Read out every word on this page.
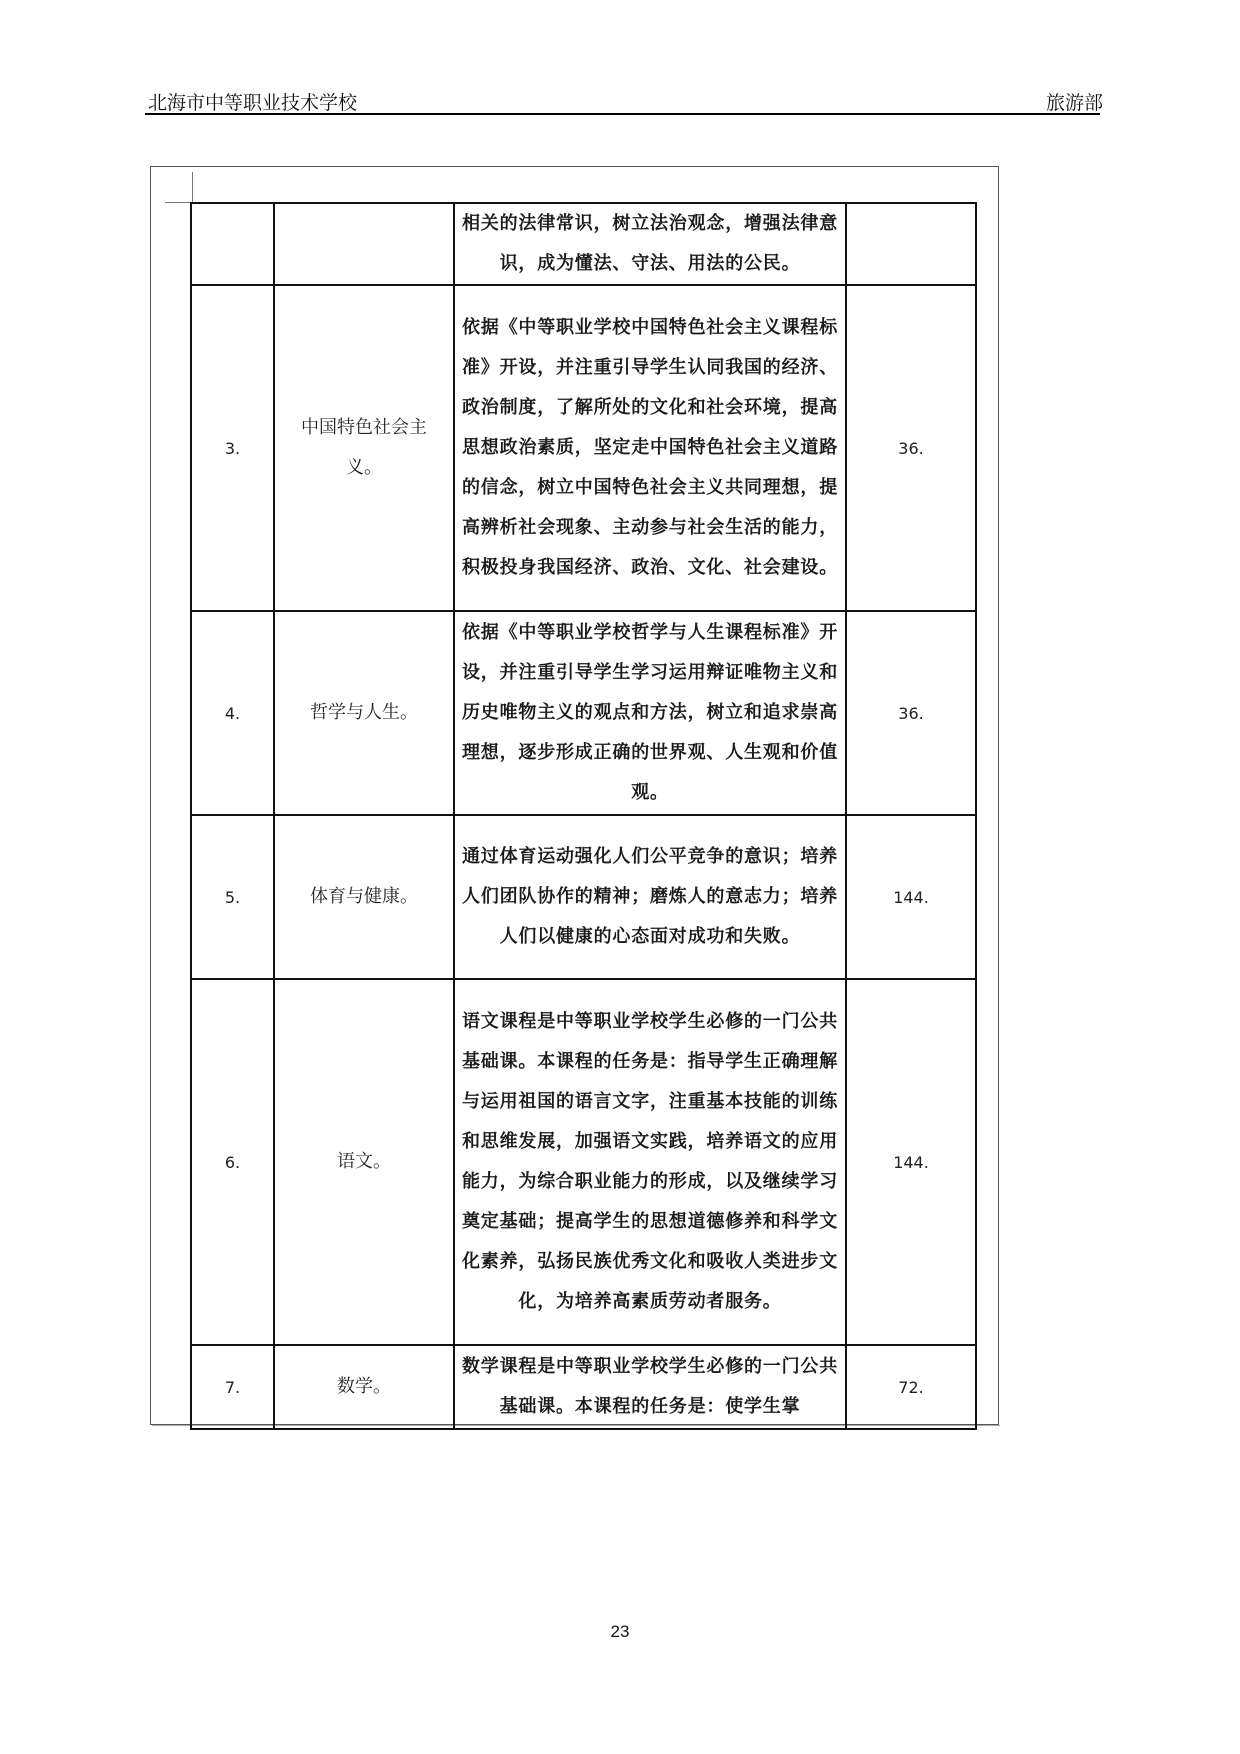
北海市中等职业技术学校	旅游部
		相关的法律常识，树立法治观念，增强法律意识，成为懂法、守法、用法的公民。	
3.	中国特色社会主义。	依据《中等职业学校中国特色社会主义课程标准》开设，并注重引导学生认同我国的经济、政治制度，了解所处的文化和社会环境，提高思想政治素质，坚定走中国特色社会主义道路的信念，树立中国特色社会主义共同理想，提高辨析社会现象、主动参与社会生活的能力，积极投身我国经济、政治、文化、社会建设。	36.
4.	哲学与人生。	依据《中等职业学校哲学与人生课程标准》开设，并注重引导学生学习运用辩证唯物主义和历史唯物主义的观点和方法，树立和追求崇高理想，逐步形成正确的世界观、人生观和价值观。	36.
5.	体育与健康。	通过体育运动强化人们公平竞争的意识；培养人们团队协作的精神；磨炼人的意志力；培养人们以健康的心态面对成功和失败。	144.
6.	语文。	语文课程是中等职业学校学生必修的一门公共基础课。本课程的任务是：指导学生正确理解与运用祖国的语言文字，注重基本技能的训练和思维发展，加强语文实践，培养语文的应用能力，为综合职业能力的形成，以及继续学习奠定基础；提高学生的思想道德修养和科学文化素养，弘扬民族优秀文化和吸收人类进步文化，为培养高素质劳动者服务。	144.
7.	数学。	数学课程是中等职业学校学生必修的一门公共基础课。本课程的任务是：使学生掌	72.
23
